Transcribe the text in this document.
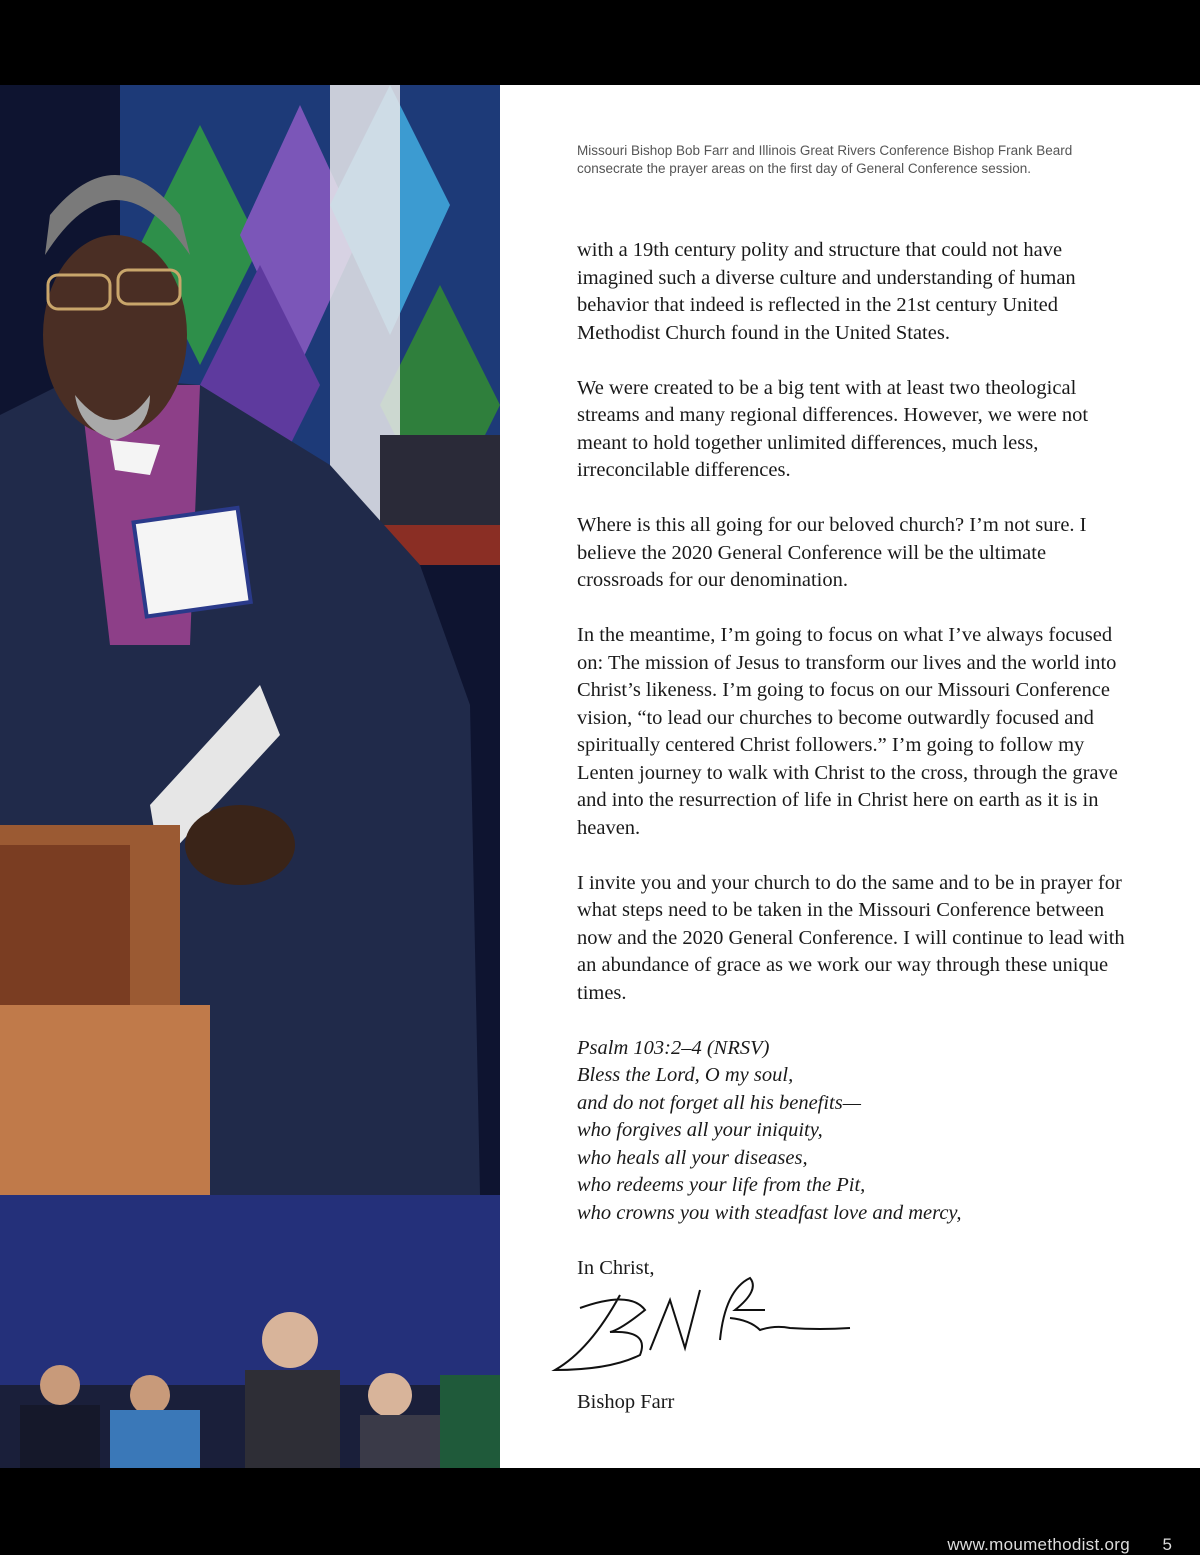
Missouri Bishop Bob Farr and Illinois Great Rivers Conference Bishop Frank Beard consecrate the prayer areas on the first day of General Conference session.

with a 19th century polity and structure that could not have imagined such a diverse culture and understanding of human behavior that indeed is reflected in the 21st century United Methodist Church found in the United States.

We were created to be a big tent with at least two theological streams and many regional differences. However, we were not meant to hold together unlimited differences, much less, irreconcilable differences.

Where is this all going for our beloved church? I’m not sure. I believe the 2020 General Conference will be the ultimate crossroads for our denomination.

In the meantime, I’m going to focus on what I’ve always focused on: The mission of Jesus to transform our lives and the world into Christ’s likeness. I’m going to focus on our Missouri Conference vision, “to lead our churches to become outwardly focused and spiritually centered Christ followers.” I’m going to follow my Lenten journey to walk with Christ to the cross, through the grave and into the resurrection of life in Christ here on earth as it is in heaven.

I invite you and your church to do the same and to be in prayer for what steps need to be taken in the Missouri Conference between now and the 2020 General Conference. I will continue to lead with an abundance of grace as we work our way through these unique times.

Psalm 103:2–4 (NRSV)
Bless the Lord, O my soul,
and do not forget all his benefits—
who forgives all your iniquity,
who heals all your diseases,
who redeems your life from the Pit,
who crowns you with steadfast love and mercy,

In Christ,

Bishop Farr
www.moumethodist.org 5
